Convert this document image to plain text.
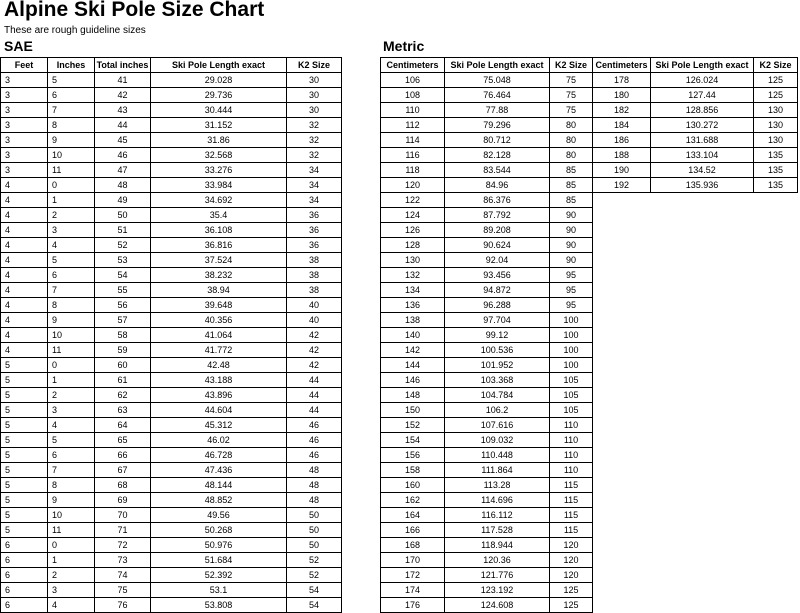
Alpine Ski Pole Size Chart
These are rough guideline sizes
SAE	Metric
Feet	Inches	Total inches	Ski Pole Length exact	K2 Size
3	5	41	29.028	30
3	6	42	29.736	30
3	7	43	30.444	30
3	8	44	31.152	32
3	9	45	31.86	32
3	10	46	32.568	32
3	11	47	33.276	34
4	0	48	33.984	34
4	1	49	34.692	34
4	2	50	35.4	36
4	3	51	36.108	36
4	4	52	36.816	36
4	5	53	37.524	38
4	6	54	38.232	38
4	7	55	38.94	38
4	8	56	39.648	40
4	9	57	40.356	40
4	10	58	41.064	42
4	11	59	41.772	42
5	0	60	42.48	42
5	1	61	43.188	44
5	2	62	43.896	44
5	3	63	44.604	44
5	4	64	45.312	46
5	5	65	46.02	46
5	6	66	46.728	46
5	7	67	47.436	48
5	8	68	48.144	48
5	9	69	48.852	48
5	10	70	49.56	50
5	11	71	50.268	50
6	0	72	50.976	50
6	1	73	51.684	52
6	2	74	52.392	52
6	3	75	53.1	54
6	4	76	53.808	54
Centimeters	Ski Pole Length exact	K2 Size
106	75.048	75
108	76.464	75
110	77.88	75
112	79.296	80
114	80.712	80
116	82.128	80
118	83.544	85
120	84.96	85
122	86.376	85
124	87.792	90
126	89.208	90
128	90.624	90
130	92.04	90
132	93.456	95
134	94.872	95
136	96.288	95
138	97.704	100
140	99.12	100
142	100.536	100
144	101.952	100
146	103.368	105
148	104.784	105
150	106.2	105
152	107.616	110
154	109.032	110
156	110.448	110
158	111.864	110
160	113.28	115
162	114.696	115
164	116.112	115
166	117.528	115
168	118.944	120
170	120.36	120
172	121.776	120
174	123.192	125
176	124.608	125
Centimeters	Ski Pole Length exact	K2 Size
178	126.024	125
180	127.44	125
182	128.856	130
184	130.272	130
186	131.688	130
188	133.104	135
190	134.52	135
192	135.936	135
